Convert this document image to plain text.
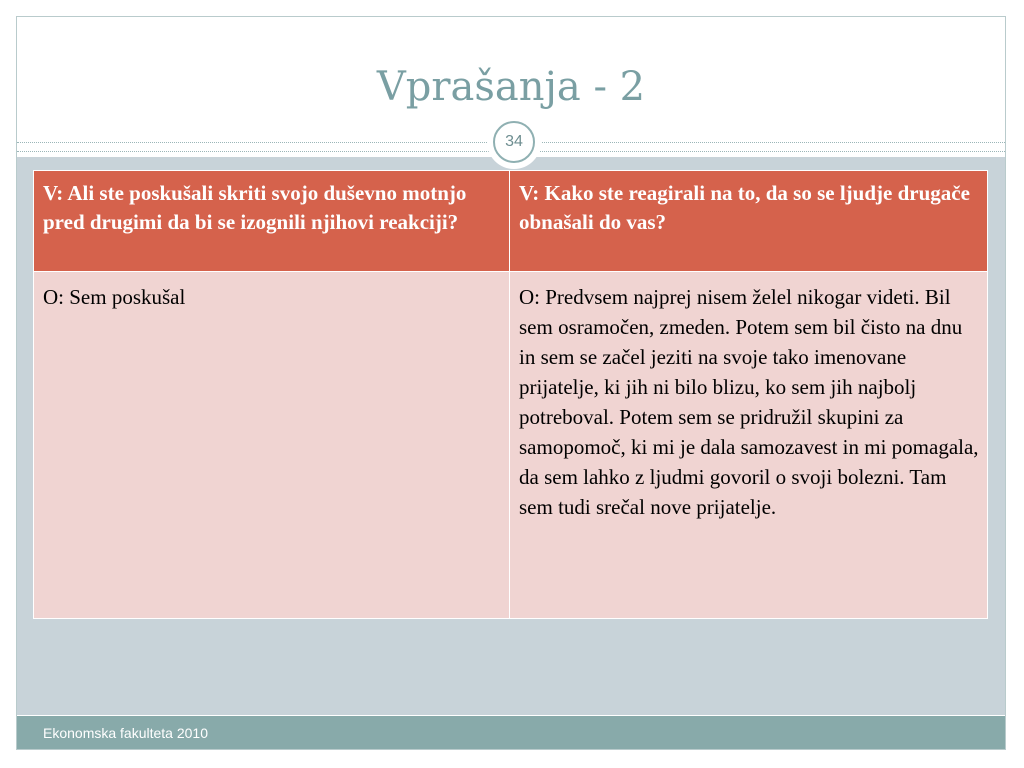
Vprašanja - 2
34
V: Ali ste poskušali skriti svojo duševno motnjo pred drugimi da bi se izognili njihovi reakciji?	V: Kako ste reagirali na to, da so se ljudje drugače obnašali do vas?
O: Sem poskušal	O: Predvsem najprej nisem želel nikogar videti. Bil sem osramočen, zmeden. Potem sem bil čisto na dnu in sem se začel jeziti na svoje tako imenovane prijatelje, ki jih ni bilo blizu, ko sem jih najbolj potreboval. Potem sem se pridružil skupini za samopomoč, ki mi je dala samozavest in mi pomagala, da sem lahko z ljudmi govoril o svoji bolezni. Tam sem tudi srečal nove prijatelje.
Ekonomska fakulteta 2010
